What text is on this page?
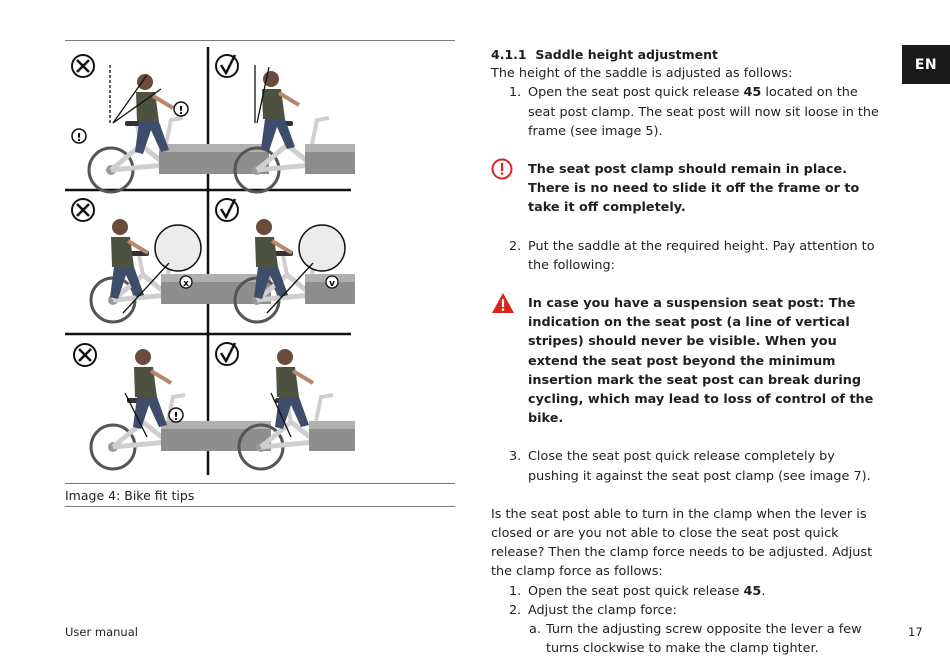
!
!
x	v
!
Image 4: Bike fit tips

4.1.1 Saddle height adjustment

The height of the saddle is adjusted as follows:

1. Open the seat post quick release 45 located on the seat post clamp. The seat post will now sit loose in the frame (see image 5).
The seat post clamp should remain in place. There is no need to slide it off the frame or to take it off completely.
2. Put the saddle at the required height. Pay attention to the following:
In case you have a suspension seat post: The indication on the seat post (a line of vertical stripes) should never be visible. When you extend the seat post beyond the minimum insertion mark the seat post can break during cycling, which may lead to loss of control of the bike.
3. Close the seat post quick release completely by pushing it against the seat post clamp (see image 7).

Is the seat post able to turn in the clamp when the lever is closed or are you not able to close the seat post quick release? Then the clamp force needs to be adjusted. Adjust the clamp force as follows:

1. Open the seat post quick release 45.
2. Adjust the clamp force:
a. Turn the adjusting screw opposite the lever a few turns clockwise to make the clamp tighter.
EN
User manual	17
